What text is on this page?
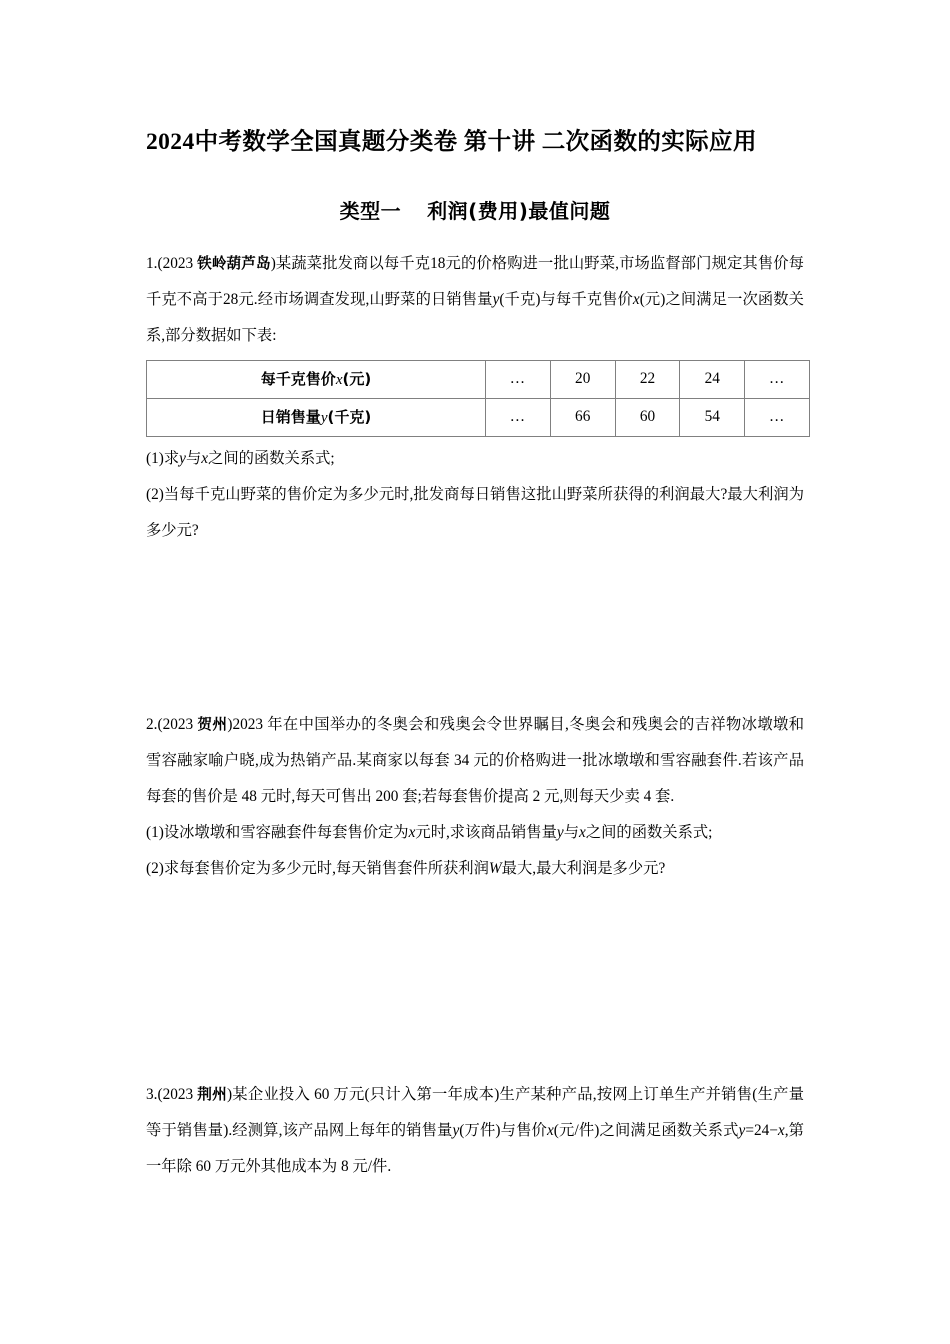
2024中考数学全国真题分类卷 第十讲 二次函数的实际应用
类型一 利润(费用)最值问题

1.(2023 铁岭葫芦岛)某蔬菜批发商以每千克18元的价格购进一批山野菜,市场监督部门规定其售价每千克不高于28元.经市场调查发现,山野菜的日销售量y(千克)与每千克售价x(元)之间满足一次函数关系,部分数据如下表:

每千克售价x(元)	…	20	22	24	…
日销售量y(千克)	…	66	60	54	…

(1)求y与x之间的函数关系式;

(2)当每千克山野菜的售价定为多少元时,批发商每日销售这批山野菜所获得的利润最大?最大利润为多少元?

2.(2023 贺州)2023 年在中国举办的冬奥会和残奥会令世界瞩目,冬奥会和残奥会的吉祥物冰墩墩和雪容融家喻户晓,成为热销产品.某商家以每套 34 元的价格购进一批冰墩墩和雪容融套件.若该产品每套的售价是 48 元时,每天可售出 200 套;若每套售价提高 2 元,则每天少卖 4 套.

(1)设冰墩墩和雪容融套件每套售价定为x元时,求该商品销售量y与x之间的函数关系式;

(2)求每套售价定为多少元时,每天销售套件所获利润W最大,最大利润是多少元?

3.(2023 荆州)某企业投入 60 万元(只计入第一年成本)生产某种产品,按网上订单生产并销售(生产量等于销售量).经测算,该产品网上每年的销售量y(万件)与售价x(元/件)之间满足函数关系式y=24−x,第一年除 60 万元外其他成本为 8 元/件.
